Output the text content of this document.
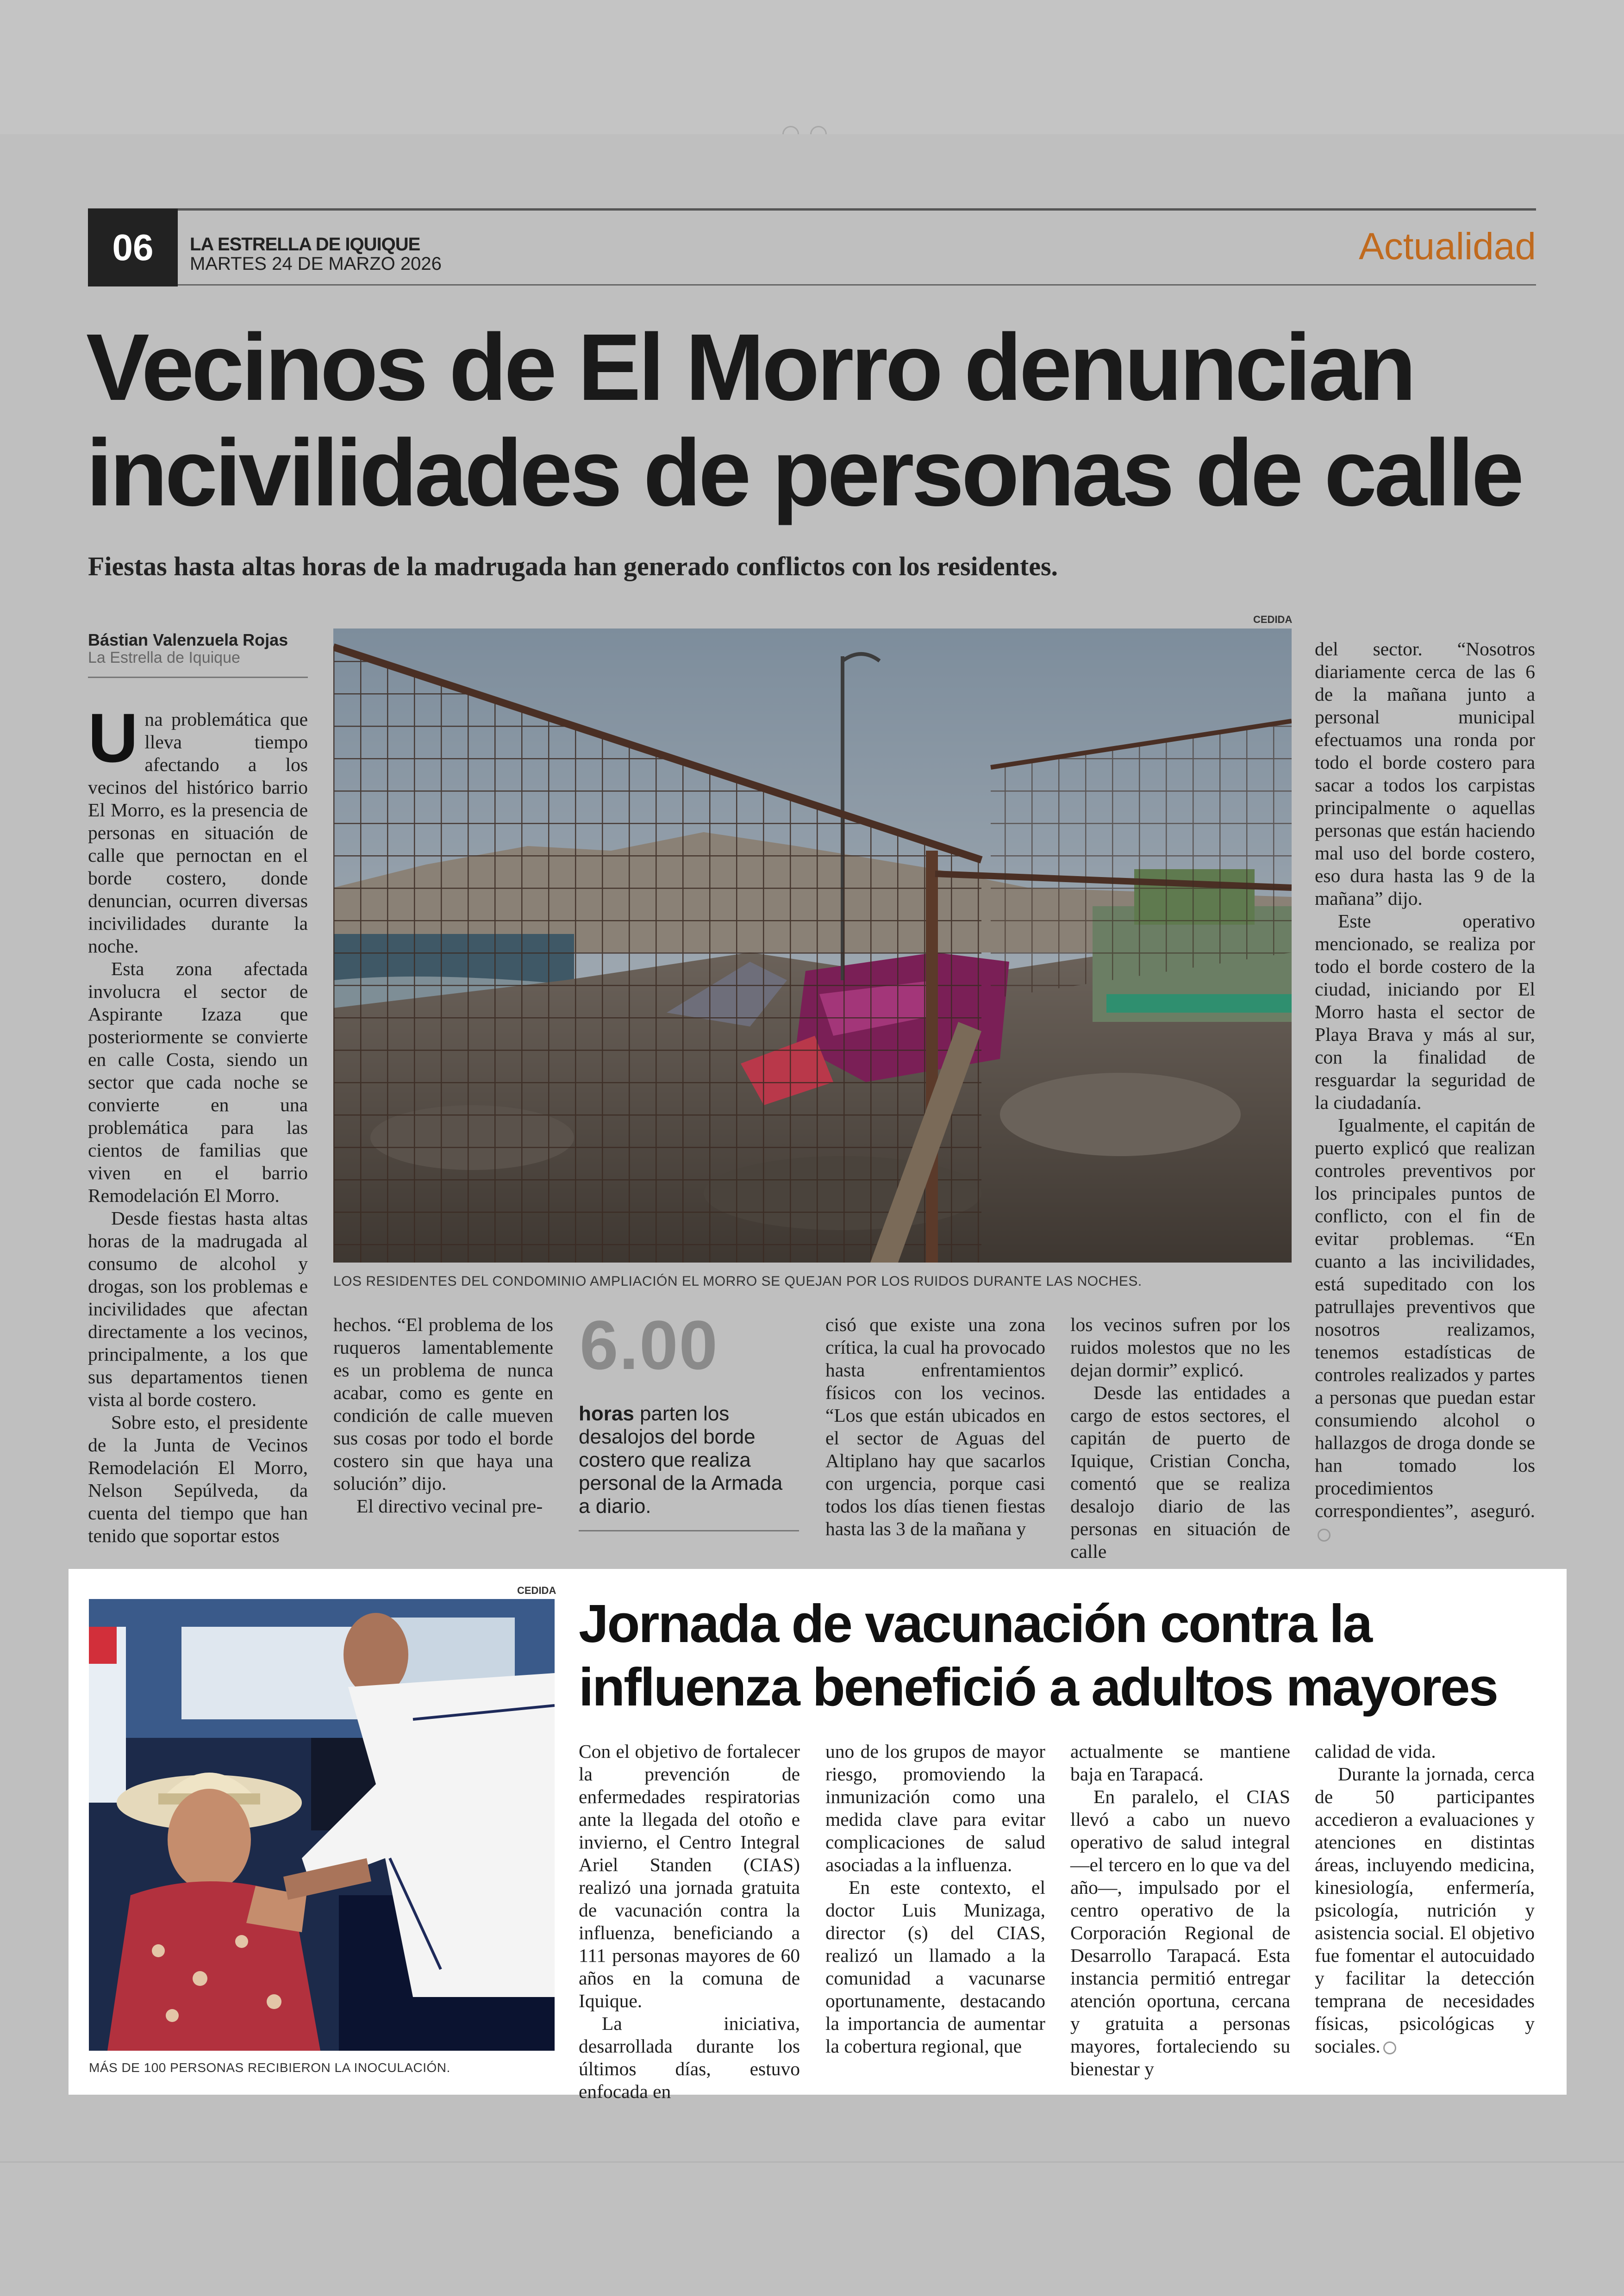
06	LA ESTRELLA DE IQUIQUE
MARTES 24 DE MARZO 2026	Actualidad
Vecinos de El Morro denuncian
incivilidades de personas de calle
Fiestas hasta altas horas de la madrugada han generado conflictos con los residentes.
Bástian Valenzuela Rojas
La Estrella de Iquique
CEDIDA
LOS RESIDENTES DEL CONDOMINIO AMPLIACIÓN EL MORRO SE QUEJAN POR LOS RUIDOS DURANTE LAS NOCHES.

Una problemática que lleva tiempo afectando a los vecinos del histórico barrio El Morro, es la presencia de personas en situación de calle que pernoctan en el borde costero, donde denuncian, ocurren diversas incivilidades durante la noche.

Esta zona afectada involucra el sector de Aspirante Izaza que posteriormente se convierte en calle Costa, siendo un sector que cada noche se convierte en una problemática para las cientos de familias que viven en el barrio Remodelación El Morro.

Desde fiestas hasta altas horas de la madrugada al consumo de alcohol y drogas, son los problemas e incivilidades que afectan directamente a los vecinos, principalmente, a los que sus departamentos tienen vista al borde costero.

Sobre esto, el presidente de la Junta de Vecinos Remodelación El Morro, Nelson Sepúlveda, da cuenta del tiempo que han tenido que soportar estos

hechos. “El problema de los ruqueros lamentablemente es un problema de nunca acabar, como es gente en condición de calle mueven sus cosas por todo el borde costero sin que haya una solución” dijo.

El directivo vecinal pre-

6.00
horas parten los desalojos del borde costero que realiza personal de la Armada a diario.

cisó que existe una zona crítica, la cual ha provocado hasta enfrentamientos físicos con los vecinos. “Los que están ubicados en el sector de Aguas del Altiplano hay que sacarlos con urgencia, porque casi todos los días tienen fiestas hasta las 3 de la mañana y

los vecinos sufren por los ruidos molestos que no les dejan dormir” explicó.

Desde las entidades a cargo de estos sectores, el capitán de puerto de Iquique, Cristian Concha, comentó que se realiza desalojo diario de las personas en situación de calle

del sector. “Nosotros diariamente cerca de las 6 de la mañana junto a personal municipal efectuamos una ronda por todo el borde costero para sacar a todos los carpistas principalmente o aquellas personas que están haciendo mal uso del borde costero, eso dura hasta las 9 de la mañana” dijo.

Este operativo mencionado, se realiza por todo el borde costero de la ciudad, iniciando por El Morro hasta el sector de Playa Brava y más al sur, con la finalidad de resguardar la seguridad de la ciudadanía.

Igualmente, el capitán de puerto explicó que realizan controles preventivos por los principales puntos de conflicto, con el fin de evitar problemas. “En cuanto a las incivilidades, está supeditado con los patrullajes preventivos que nosotros realizamos, tenemos estadísticas de controles realizados y partes a personas que puedan estar consumiendo alcohol o hallazgos de droga donde se han tomado los procedimientos correspondientes”, aseguró.

CEDIDA
MÁS DE 100 PERSONAS RECIBIERON LA INOCULACIÓN.
Jornada de vacunación contra la
influenza benefició a adultos mayores

Con el objetivo de fortalecer la prevención de enfermedades respiratorias ante la llegada del otoño e invierno, el Centro Integral Ariel Standen (CIAS) realizó una jornada gratuita de vacunación contra la influenza, beneficiando a 111 personas mayores de 60 años en la comuna de Iquique.

La iniciativa, desarrollada durante los últimos días, estuvo enfocada en

uno de los grupos de mayor riesgo, promoviendo la inmunización como una medida clave para evitar complicaciones de salud asociadas a la influenza.

En este contexto, el doctor Luis Munizaga, director (s) del CIAS, realizó un llamado a la comunidad a vacunarse oportunamente, destacando la importancia de aumentar la cobertura regional, que

actualmente se mantiene baja en Tarapacá.

En paralelo, el CIAS llevó a cabo un nuevo operativo de salud integral —el tercero en lo que va del año—, impulsado por el centro operativo de la Corporación Regional de Desarrollo Tarapacá. Esta instancia permitió entregar atención oportuna, cercana y gratuita a personas mayores, fortaleciendo su bienestar y

calidad de vida.

Durante la jornada, cerca de 50 participantes accedieron a evaluaciones y atenciones en distintas áreas, incluyendo medicina, kinesiología, enfermería, psicología, nutrición y asistencia social. El objetivo fue fomentar el autocuidado y facilitar la detección temprana de necesidades físicas, psicológicas y sociales.
